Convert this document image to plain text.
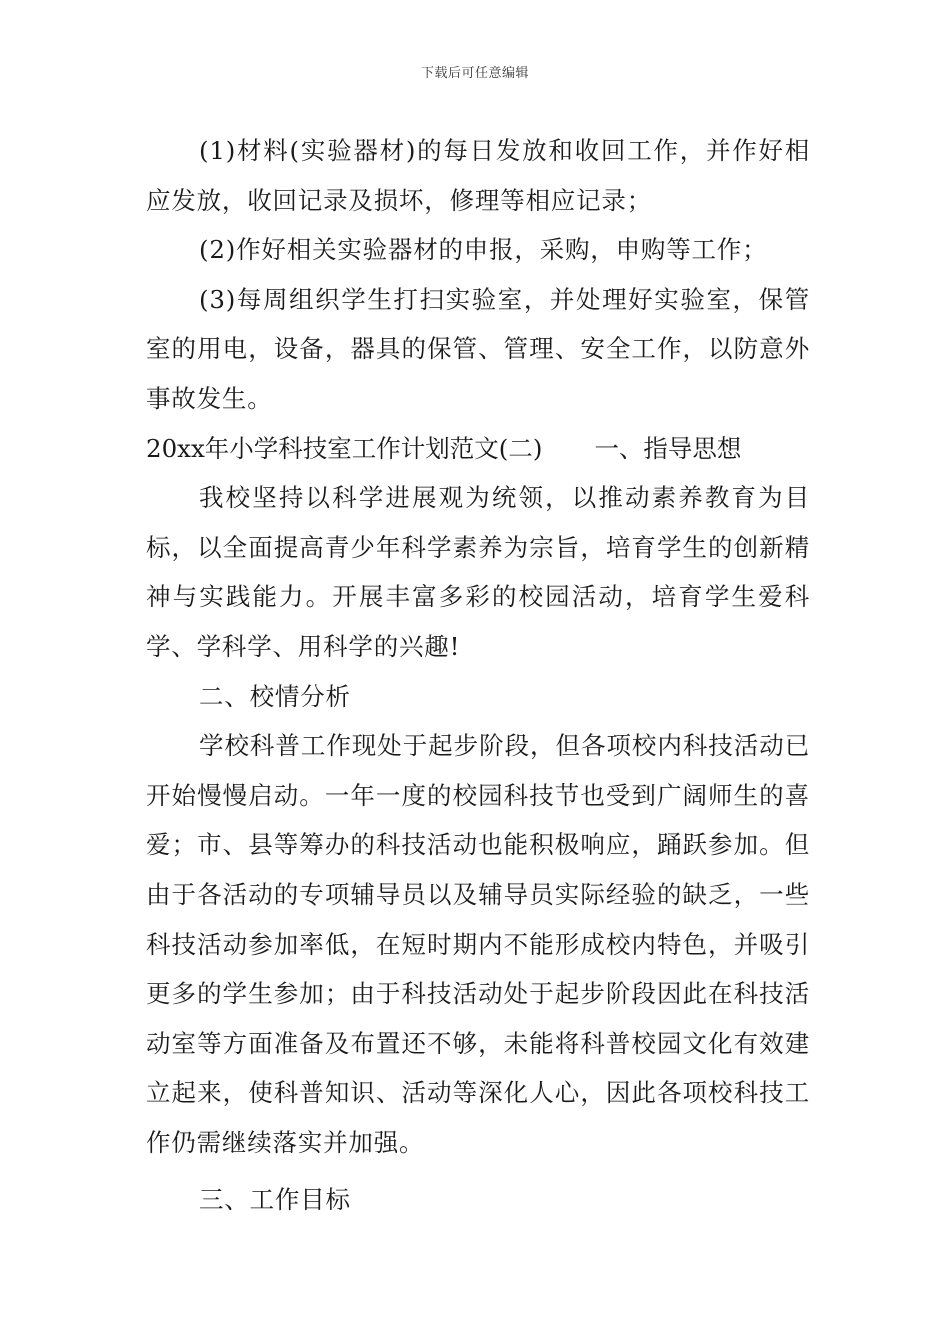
下载后可任意编辑

(1)材料(实验器材)的每日发放和收回工作，并作好相应发放，收回记录及损坏，修理等相应记录；

(2)作好相关实验器材的申报，采购，申购等工作；

(3)每周组织学生打扫实验室，并处理好实验室，保管室的用电，设备，器具的保管、管理、安全工作，以防意外事故发生。

20xx年小学科技室工作计划范文(二) 一、指导思想

我校坚持以科学进展观为统领，以推动素养教育为目标，以全面提高青少年科学素养为宗旨，培育学生的创新精神与实践能力。开展丰富多彩的校园活动，培育学生爱科学、学科学、用科学的兴趣!

二、校情分析

学校科普工作现处于起步阶段，但各项校内科技活动已开始慢慢启动。一年一度的校园科技节也受到广阔师生的喜爱；市、县等筹办的科技活动也能积极响应，踊跃参加。但由于各活动的专项辅导员以及辅导员实际经验的缺乏，一些科技活动参加率低，在短时期内不能形成校内特色，并吸引更多的学生参加；由于科技活动处于起步阶段因此在科技活动室等方面准备及布置还不够，未能将科普校园文化有效建立起来，使科普知识、活动等深化人心，因此各项校科技工作仍需继续落实并加强。

三、工作目标
